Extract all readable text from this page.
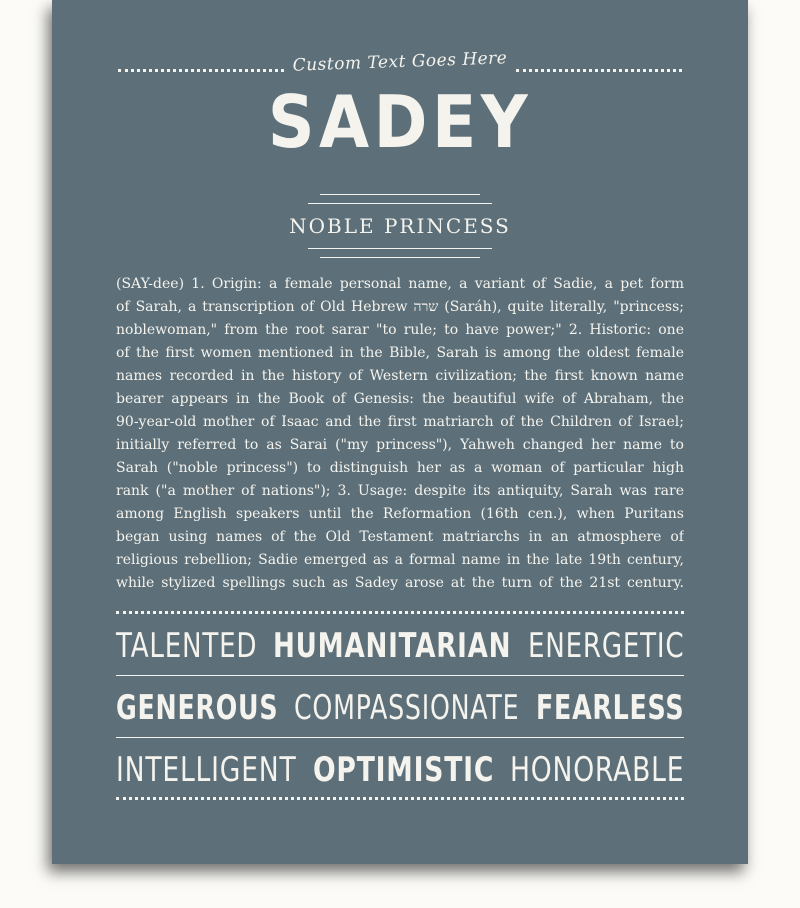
Custom Text Goes Here
SADEY
NOBLE PRINCESS
(SAY-dee) 1. Origin: a female personal name, a variant of Sadie, a pet form
of Sarah, a transcription of Old Hebrew שרה (Saráh), quite literally, "princess;
noblewoman," from the root sarar "to rule; to have power;" 2. Historic: one
of the first women mentioned in the Bible, Sarah is among the oldest female
names recorded in the history of Western civilization; the first known name
bearer appears in the Book of Genesis: the beautiful wife of Abraham, the
90-year-old mother of Isaac and the first matriarch of the Children of Israel;
initially referred to as Sarai ("my princess"), Yahweh changed her name to
Sarah ("noble princess") to distinguish her as a woman of particular high
rank ("a mother of nations"); 3. Usage: despite its antiquity, Sarah was rare
among English speakers until the Reformation (16th cen.), when Puritans
began using names of the Old Testament matriarchs in an atmosphere of
religious rebellion; Sadie emerged as a formal name in the late 19th century,
while stylized spellings such as Sadey arose at the turn of the 21st century.
TALENTED HUMANITARIAN ENERGETIC
GENEROUS COMPASSIONATE FEARLESS
INTELLIGENT OPTIMISTIC HONORABLE
